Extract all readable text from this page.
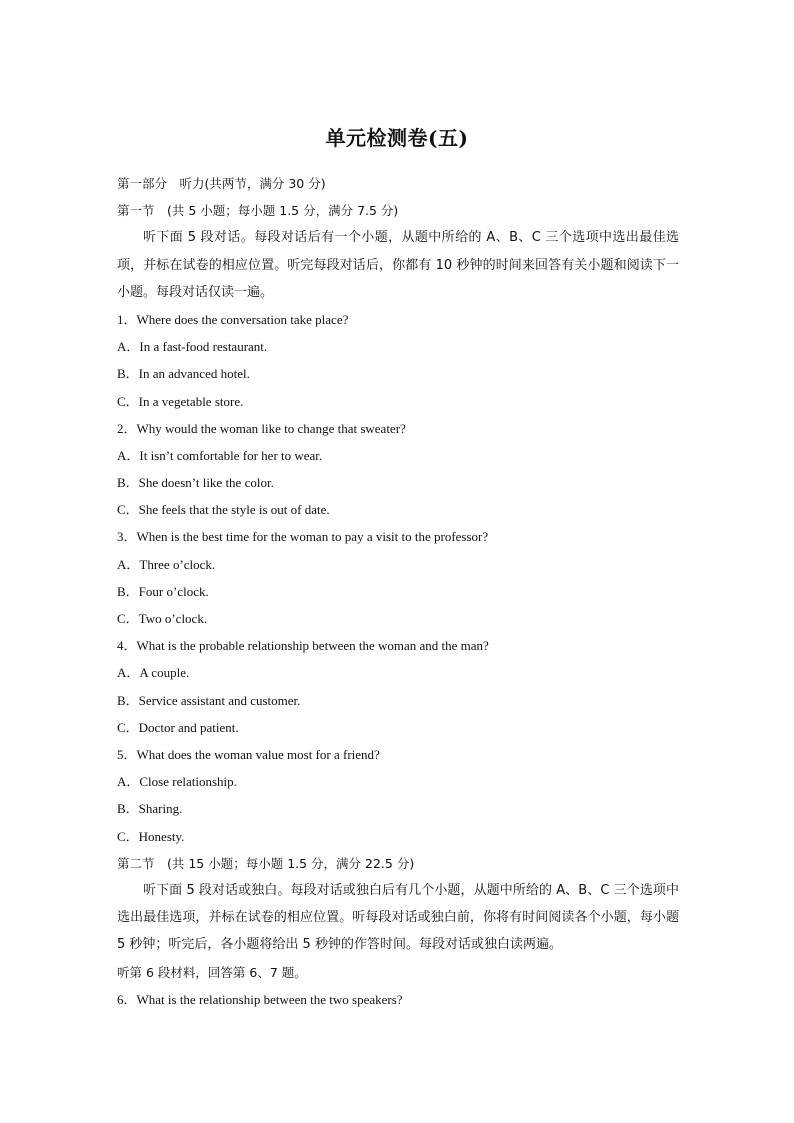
单元检测卷(五)
第一部分　听力(共两节，满分 30 分)
第一节　(共 5 小题；每小题 1.5 分，满分 7.5 分)
听下面 5 段对话。每段对话后有一个小题，从题中所给的 A、B、C 三个选项中选出最佳选项，并标在试卷的相应位置。听完每段对话后，你都有 10 秒钟的时间来回答有关小题和阅读下一小题。每段对话仅读一遍。
1．Where does the conversation take place?
A．In a fast-food restaurant.
B．In an advanced hotel.
C．In a vegetable store.
2．Why would the woman like to change that sweater?
A．It isn’t comfortable for her to wear.
B．She doesn’t like the color.
C．She feels that the style is out of date.
3．When is the best time for the woman to pay a visit to the professor?
A．Three o’clock.
B．Four o’clock.
C．Two o’clock.
4．What is the probable relationship between the woman and the man?
A．A couple.
B．Service assistant and customer.
C．Doctor and patient.
5．What does the woman value most for a friend?
A．Close relationship.
B．Sharing.
C．Honesty.
第二节　(共 15 小题；每小题 1.5 分，满分 22.5 分)
听下面 5 段对话或独白。每段对话或独白后有几个小题，从题中所给的 A、B、C 三个选项中选出最佳选项，并标在试卷的相应位置。听每段对话或独白前，你将有时间阅读各个小题，每小题 5 秒钟；听完后，各小题将给出 5 秒钟的作答时间。每段对话或独白读两遍。
听第 6 段材料，回答第 6、7 题。
6．What is the relationship between the two speakers?
